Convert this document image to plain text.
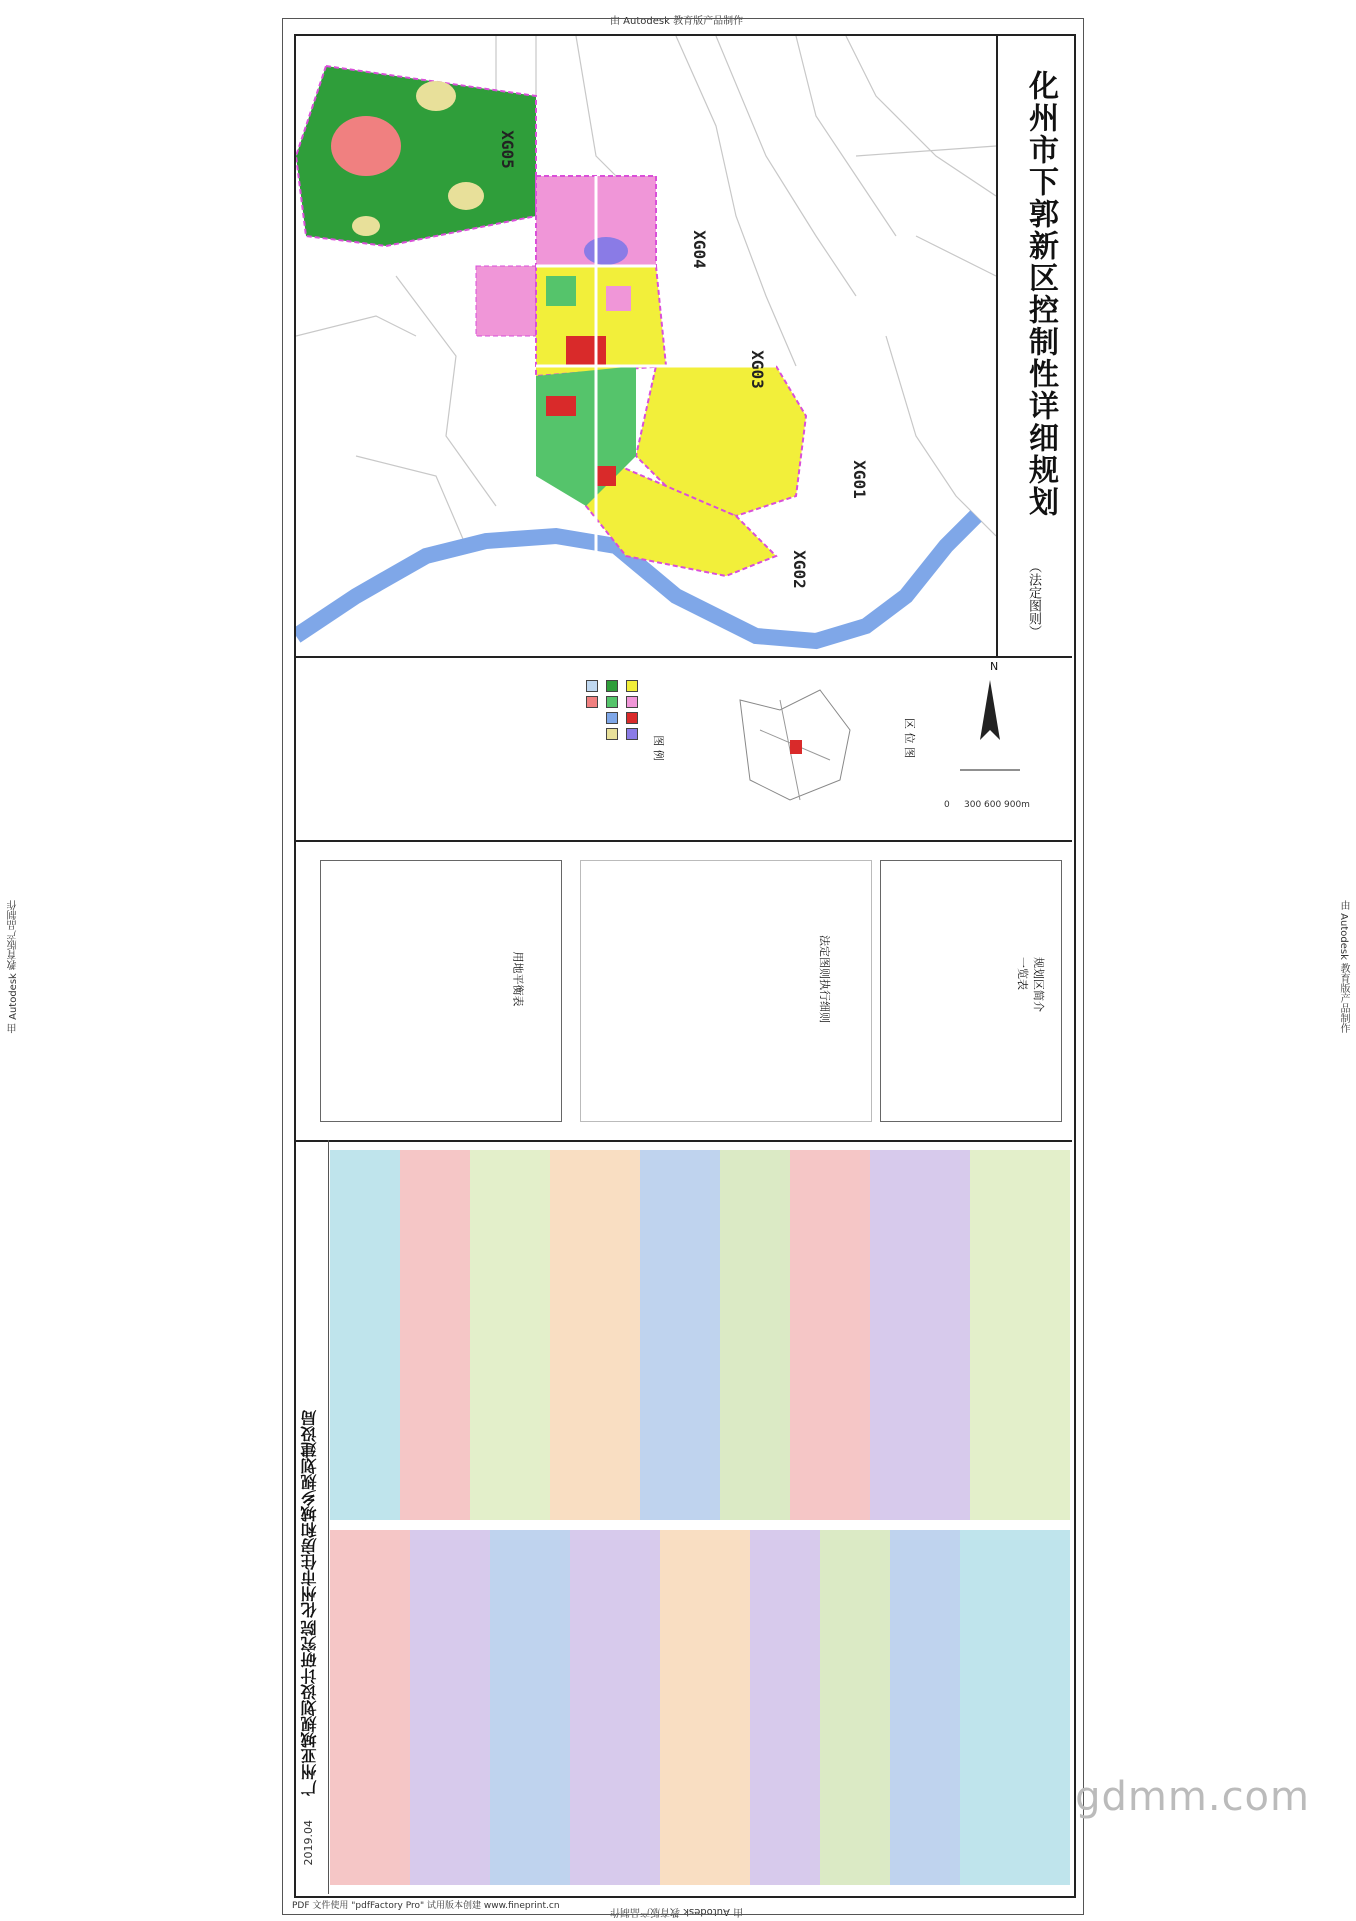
由 Autodesk 教育版产品制作
由 Autodesk 教育版产品制作
由 Autodesk 教育版产品制作	由 Autodesk 教育版产品制作
XG05
XG04
XG03
XG01
XG02
化州市下郭新区控制性详细规划
（法定图则）
图 例	区 位 图
N
0 300 600 900m
用地平衡表	法定图则执行细则	规划区简介一览表
化州市住房和城乡规划建设局
广州亚城规划设计研究院
2019.04
PDF 文件使用 "pdfFactory Pro" 试用版本创建 www.fineprint.cn
gdmm.com
